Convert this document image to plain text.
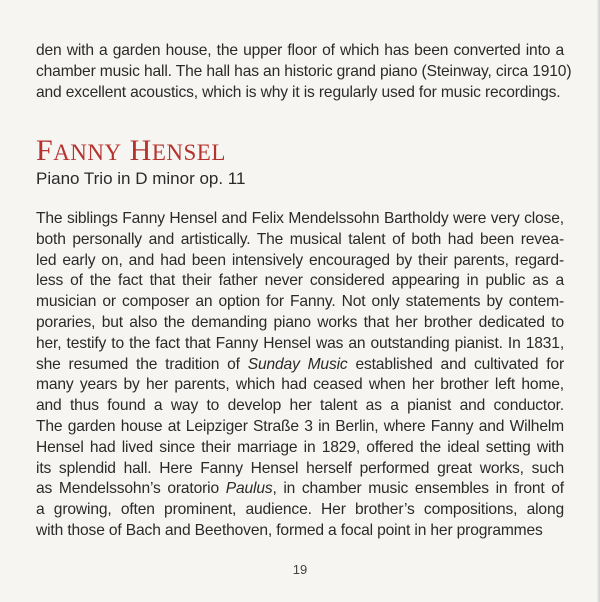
den with a garden house, the upper floor of which has been converted into a
chamber music hall. The hall has an historic grand piano (Steinway, circa 1910)
and excellent acoustics, which is why it is regularly used for music recordings.
FANNY HENSEL
Piano Trio in D minor op. 11
The siblings Fanny Hensel and Felix Mendelssohn Bartholdy were very close,
both personally and artistically. The musical talent of both had been revea-
led early on, and had been intensively encouraged by their parents, regard-
less of the fact that their father never considered appearing in public as a
musician or composer an option for Fanny. Not only statements by contem-
poraries, but also the demanding piano works that her brother dedicated to
her, testify to the fact that Fanny Hensel was an outstanding pianist. In 1831,
she resumed the tradition of Sunday Music established and cultivated for
many years by her parents, which had ceased when her brother left home,
and thus found a way to develop her talent as a pianist and conductor.
The garden house at Leipziger Straße 3 in Berlin, where Fanny and Wilhelm
Hensel had lived since their marriage in 1829, offered the ideal setting with
its splendid hall. Here Fanny Hensel herself performed great works, such
as Mendelssohn’s oratorio Paulus, in chamber music ensembles in front of
a growing, often prominent, audience. Her brother’s compositions, along
with those of Bach and Beethoven, formed a focal point in her programmes
19
